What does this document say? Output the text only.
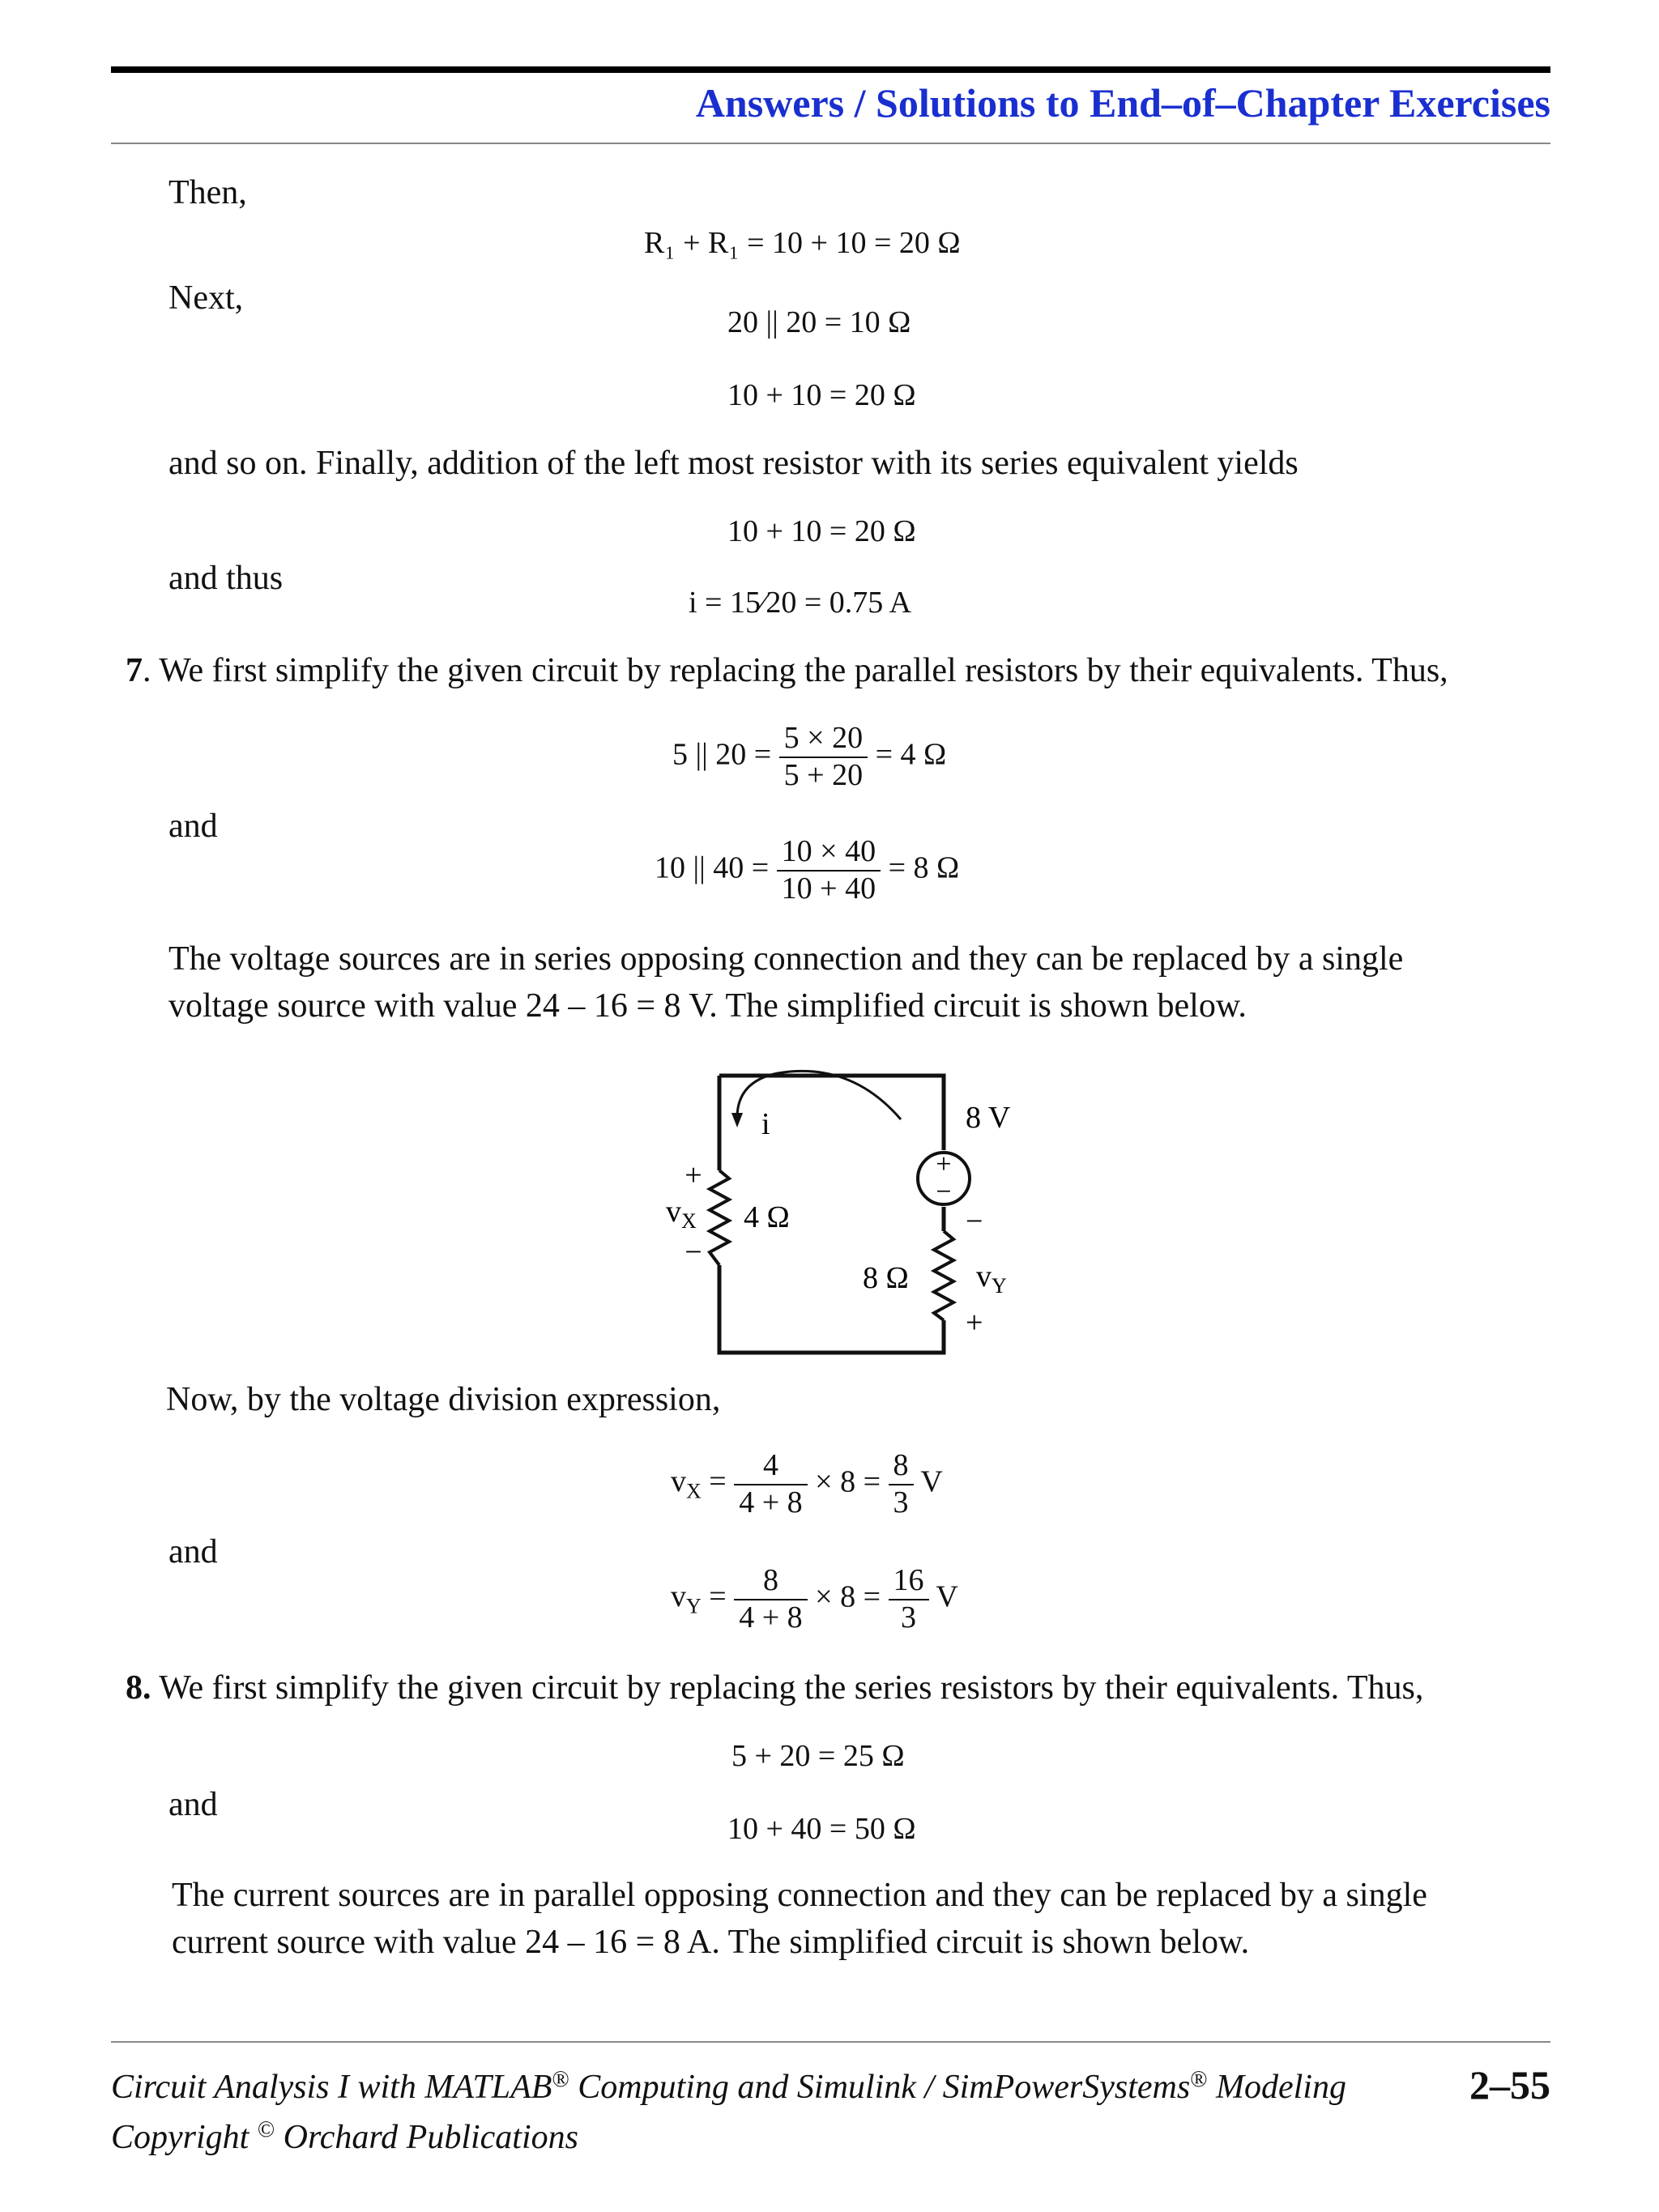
Answers / Solutions to End–of–Chapter Exercises
Then,
R₁ + R₁ = 10 + 10 = 20 Ω
Next,
20 || 20 = 10 Ω
10 + 10 = 20 Ω
and so on. Finally, addition of the left most resistor with its series equivalent yields
10 + 10 = 20 Ω
and thus
i = 15⁄20 = 0.75 A
7. We first simplify the given circuit by replacing the parallel resistors by their equivalents. Thus,
5 || $20 = \frac{5 \times 20}{5 + 20} = 4$ Ω
and
10 || $40 = \frac{10 \times 40}{10 + 40} = 8$ Ω
The voltage sources are in series opposing connection and they can be replaced by a single
voltage source with value 24 – 16 = 8 V. The simplified circuit is shown below.
+
−
i	8 V
4 Ω
8 Ω
+
$v_X$
−
−
$v_Y$
+
Now, by the voltage division expression,
$v_X = \frac{4}{4 + 8} \times 8 = \frac{8}{3}$ V
and
$v_Y = \frac{8}{4 + 8} \times 8 = \frac{16}{3}$ V
8. We first simplify the given circuit by replacing the series resistors by their equivalents. Thus,
5 + 20 = 25 Ω
and
10 + 40 = 50 Ω
The current sources are in parallel opposing connection and they can be replaced by a single
current source with value 24 – 16 = 8 A. The simplified circuit is shown below.
Circuit Analysis I with MATLAB® Computing and Simulink / SimPowerSystems® Modeling	2–55
Copyright © Orchard Publications
